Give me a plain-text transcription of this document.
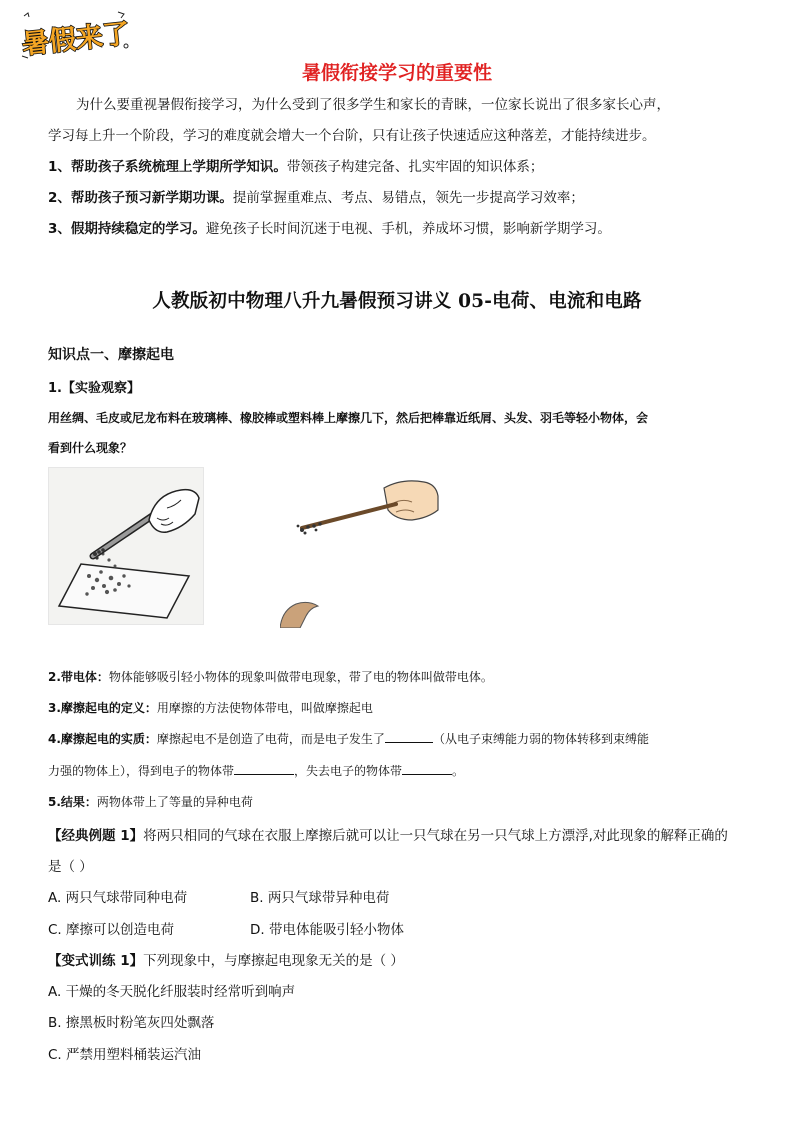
暑假来了
暑假衔接学习的重要性
为什么要重视暑假衔接学习，为什么受到了很多学生和家长的青睐，一位家长说出了很多家长心声，
学习每上升一个阶段，学习的难度就会增大一个台阶，只有让孩子快速适应这种落差，才能持续进步。
1、帮助孩子系统梳理上学期所学知识。带领孩子构建完备、扎实牢固的知识体系；
2、帮助孩子预习新学期功课。提前掌握重难点、考点、易错点，领先一步提高学习效率；
3、假期持续稳定的学习。避免孩子长时间沉迷于电视、手机，养成坏习惯，影响新学期学习。
人教版初中物理八升九暑假预习讲义 05-电荷、电流和电路
知识点一、摩擦起电
1.【实验观察】
用丝绸、毛皮或尼龙布料在玻璃棒、橡胶棒或塑料棒上摩擦几下，然后把棒靠近纸屑、头发、羽毛等轻小物体，会
看到什么现象？
2.带电体：物体能够吸引轻小物体的现象叫做带电现象，带了电的物体叫做带电体。
3.摩擦起电的定义：用摩擦的方法使物体带电，叫做摩擦起电
4.摩擦起电的实质：摩擦起电不是创造了电荷，而是电子发生了	（从电子束缚能力弱的物体转移到束缚能
力强的物体上），得到电子的物体带	，失去电子的物体带	。
5.结果：两物体带上了等量的异种电荷
【经典例题 1】将两只相同的气球在衣服上摩擦后就可以让一只气球在另一只气球上方漂浮,对此现象的解释正确的
是（ ）
A. 两只气球带同种电荷	B. 两只气球带异种电荷
C. 摩擦可以创造电荷	D. 带电体能吸引轻小物体
【变式训练 1】下列现象中，与摩擦起电现象无关的是（ ）
A. 干燥的冬天脱化纤服装时经常听到响声
B. 擦黑板时粉笔灰四处飘落
C. 严禁用塑料桶装运汽油
